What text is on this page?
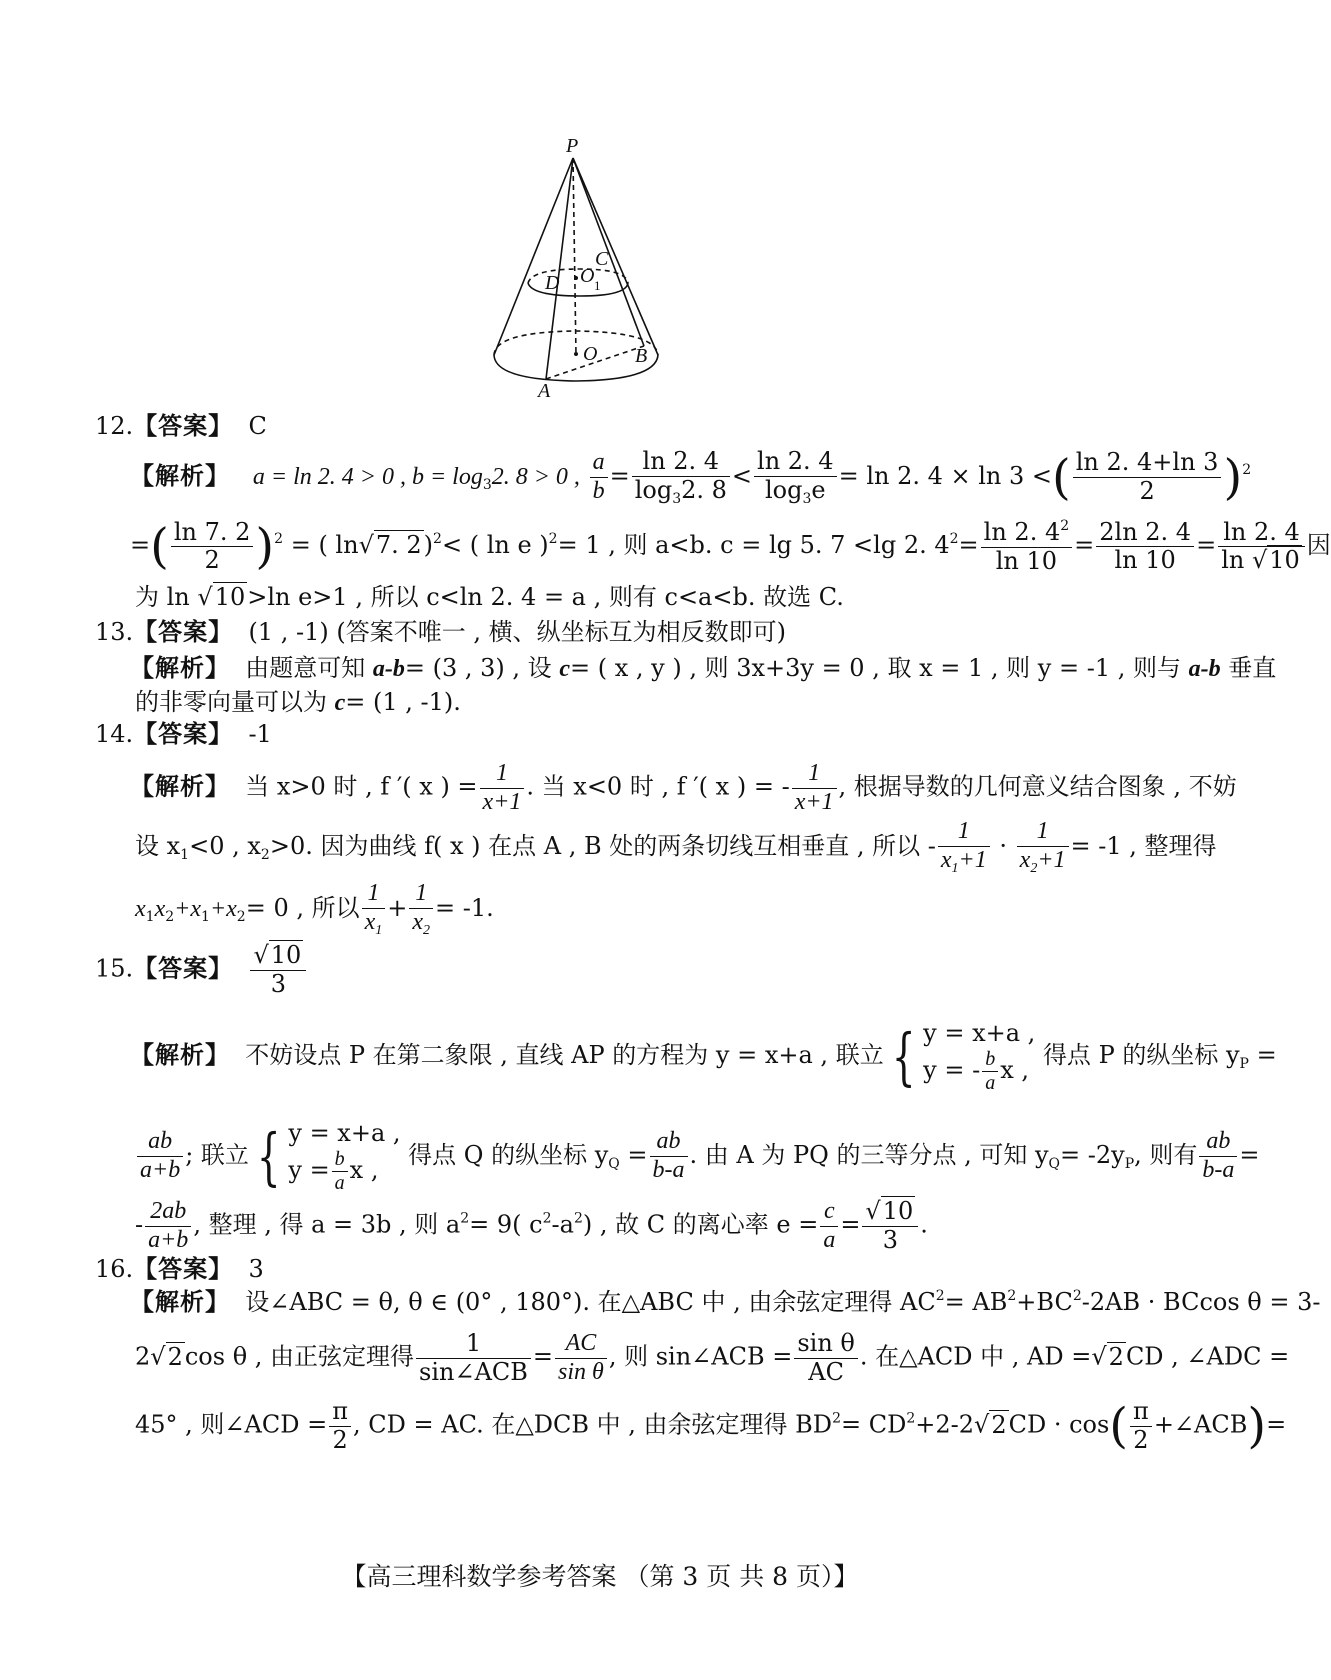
P
C
D O 1
O B
A
12.【答案】 C
【解析】 a = ln 2. 4 > 0 , $b = \log_32$. 8 > 0 , $\frac{a}{b} = \frac{\ln 2. 4}{\log_32. 8} < \frac{\ln 2. 4}{\log_3e} = \ln 2$. 4 × ln 3 <( $\frac{\ln 2. 4+\ln 3}{2} )^2$
=( $\frac{\ln 7. 2}{2} )^2$ = ( ln√7. 2)$^2$< ( ln e )$^2$= 1 , 则 a<b. c = lg 5. 7 <lg 2. $4^2= \frac{\ln 2. 4^2}{\ln 10} = \frac{2\ln 2. 4}{\ln 10} = \frac{\ln 2. 4}{\ln √10}$ 因
为 ln √10>ln e>1 , 所以 c<ln 2. 4 = a , 则有 c<a<b. 故选 C.
13.【答案】 (1 , -1) (答案不唯一 , 横、纵坐标互为相反数即可)
【解析】 由题意可知 a-b= (3 , 3) , 设 c= ( x , y ) , 则 3x+3y = 0 , 取 x = 1 , 则 y = -1 , 则与 a-b 垂直
的非零向量可以为 c= (1 , -1).
14.【答案】 -1
【解析】 当 x>0 时 , f ′( x ) = $\frac{1}{x+1}$ . 当 x<0 时 , f ′( x ) = - $\frac{1}{x+1}$ , 根据导数的几何意义结合图象 , 不妨
设 $x_1<0$ , $x_2>0$. 因为曲线 f( x ) 在点 A , B 处的两条切线互相垂直 , 所以 - $\frac{1}{x_1+1} \cdot \frac{1}{x_2+1} = -1$ , 整理得
$x_1x_2+x_1+x_2= 0$ , 所以 $\frac{1}{x_1} + \frac{1}{x_2} = -1$.
15.【答案】 $\frac{√10}{3}$
【解析】 不妨设点 P 在第二象限 , 直线 AP 的方程为 y = x+a , 联立 { y = x+a ,
y = - $\frac{b}{a}$ x , 得点 P 的纵坐标 $y_P$ =
$\frac{ab}{a+b}$ ; 联立 { y = x+a ,
$y = \frac{b}{a}$ x , 得点 Q 的纵坐标 $y_Q = \frac{ab}{b-a}$ . 由 A 为 PQ 的三等分点 , 可知 $y_Q= -2y_P$, 则有 $\frac{ab}{b-a}$ =
- $\frac{2ab}{a+b}$ , 整理 , 得 a = 3b , 则 $a^2= 9$( $c^2-a^2$) , 故 C 的离心率 $e = \frac{c}{a} = \frac{√10}{3}$ .
16.【答案】 3
【解析】 设∠ABC = θ, θ ∈ (0° , 180°). 在△ABC 中 , 由余弦定理得 $AC^2= AB^2+BC^2-2AB \cdot BCcos$ θ = 3-
2√2cos θ , 由正弦定理得 $\frac{1}{\text{sin∠ACB}} = \frac{AC}{\text{sin θ}}$ , 则 sin∠ACB = $\frac{\text{sin θ}}{AC}$ . 在△ACD 中 , AD =√2CD , ∠ADC =
45° , 则∠ACD = $\frac{\pi}{2}$ , CD = AC. 在△DCB 中 , 由余弦定理得 $BD^2= CD^2+2-2√2CD \cdot \cos( \frac{\pi}{2}$ +∠ACB)=
【高三理科数学参考答案 （第 3 页 共 8 页）】
